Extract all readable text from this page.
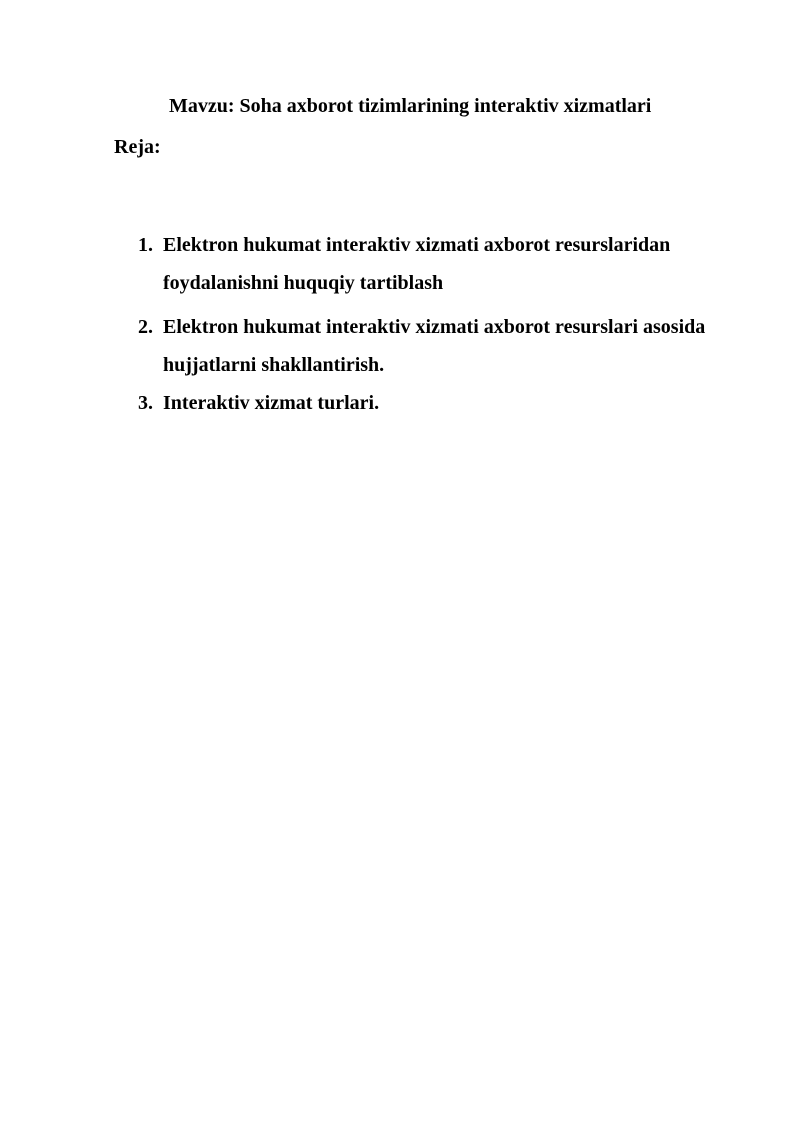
Mavzu: Soha axborot tizimlarining interaktiv xizmatlari
Reja:
1. Elektron hukumat interaktiv xizmati axborot resurslaridan foydalanishni huquqiy tartiblash
2. Elektron hukumat interaktiv xizmati axborot resurslari asosida hujjatlarni shakllantirish.
3. Interaktiv xizmat turlari.
